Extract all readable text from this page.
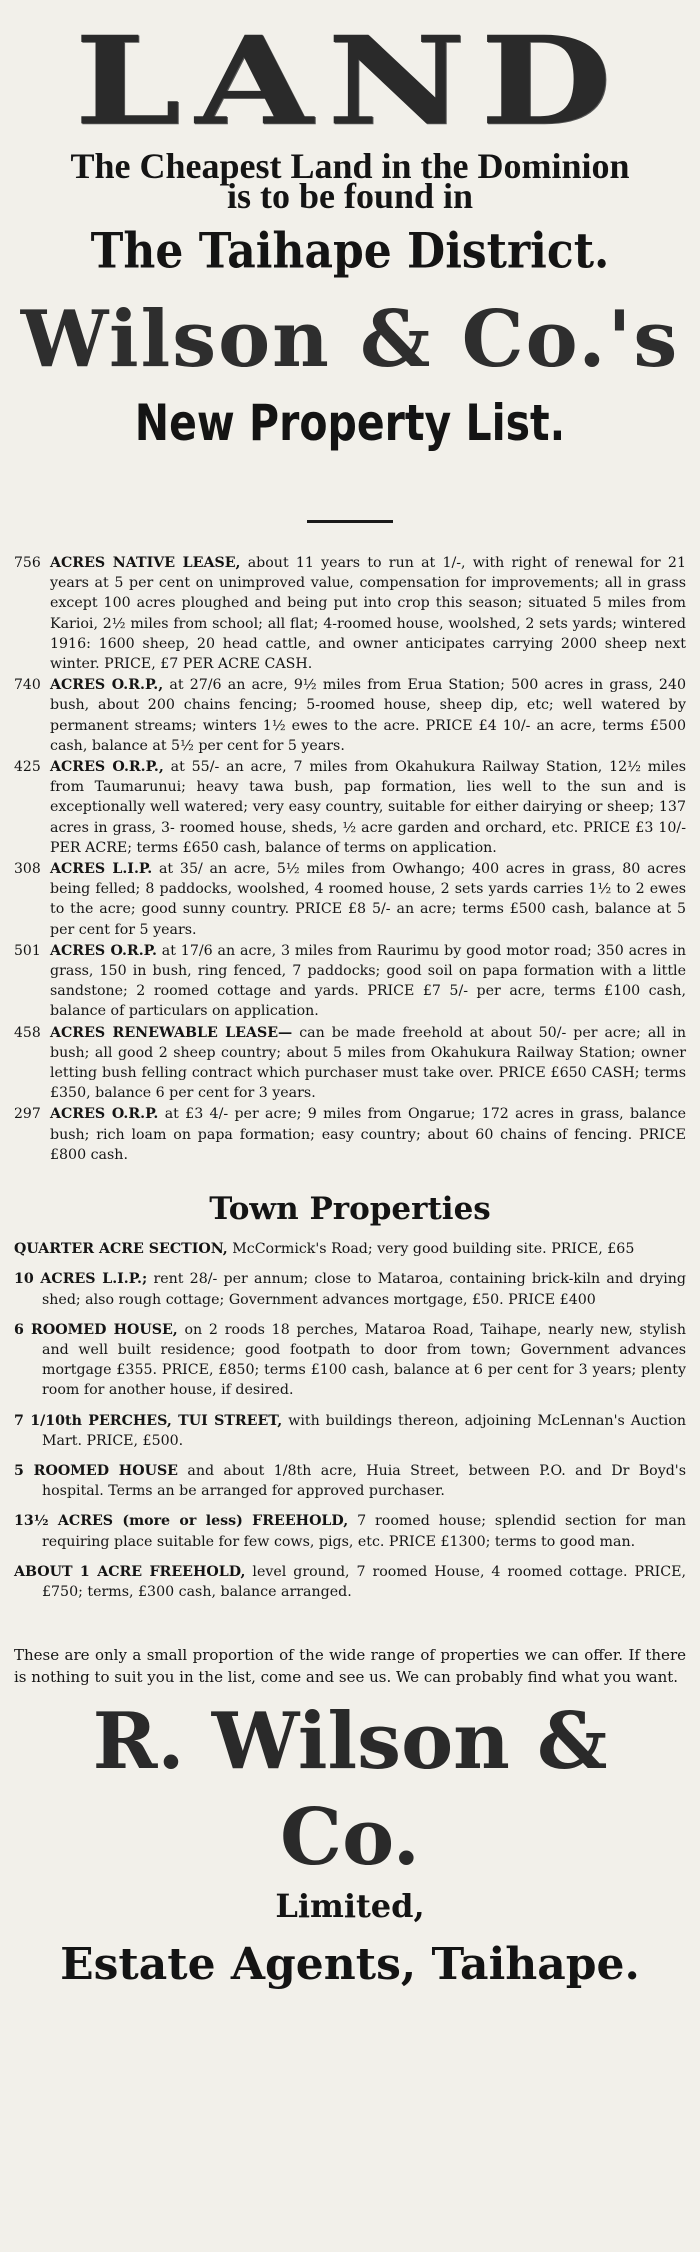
LAND
The Cheapest Land in the Dominion
is to be found in
The Taihape District.
Wilson & Co.'s
New Property List.
756 ACRES NATIVE LEASE, about 11 years to run at 1/-, with right of renewal for 21 years at 5 per cent on unimproved value, compensation for improvements; all in grass except 100 acres ploughed and being put into crop this season; situated 5 miles from Karioi, 2½ miles from school; all flat; 4-roomed house, woolshed, 2 sets yards; wintered 1916: 1600 sheep, 20 head cattle, and owner anticipates carrying 2000 sheep next winter. PRICE, £7 PER ACRE CASH.
740 ACRES O.R.P., at 27/6 an acre, 9½ miles from Erua Station; 500 acres in grass, 240 bush, about 200 chains fencing; 5-roomed house, sheep dip, etc; well watered by permanent streams; winters 1½ ewes to the acre. PRICE £4 10/- an acre, terms £500 cash, balance at 5½ per cent for 5 years.
425 ACRES O.R.P., at 55/- an acre, 7 miles from Okahukura Railway Station, 12½ miles from Taumarunui; heavy tawa bush, pap formation, lies well to the sun and is exceptionally well watered; very easy country, suitable for either dairying or sheep; 137 acres in grass, 3- roomed house, sheds, ½ acre garden and orchard, etc. PRICE £3 10/- PER ACRE; terms £650 cash, balance of terms on application.
308 ACRES L.I.P. at 35/ an acre, 5½ miles from Owhango; 400 acres in grass, 80 acres being felled; 8 paddocks, woolshed, 4 roomed house, 2 sets yards carries 1½ to 2 ewes to the acre; good sunny country. PRICE £8 5/- an acre; terms £500 cash, balance at 5 per cent for 5 years.
501 ACRES O.R.P. at 17/6 an acre, 3 miles from Raurimu by good motor road; 350 acres in grass, 150 in bush, ring fenced, 7 paddocks; good soil on papa formation with a little sandstone; 2 roomed cottage and yards. PRICE £7 5/- per acre, terms £100 cash, balance of particulars on application.
458 ACRES RENEWABLE LEASE— can be made freehold at about 50/- per acre; all in bush; all good 2 sheep country; about 5 miles from Okahukura Railway Station; owner letting bush felling contract which purchaser must take over. PRICE £650 CASH; terms £350, balance 6 per cent for 3 years.
297 ACRES O.R.P. at £3 4/- per acre; 9 miles from Ongarue; 172 acres in grass, balance bush; rich loam on papa formation; easy country; about 60 chains of fencing. PRICE £800 cash.
Town Properties
QUARTER ACRE SECTION, McCormick's Road; very good building site. PRICE, £65
10 ACRES L.I.P.; rent 28/- per annum; close to Mataroa, containing brick-kiln and drying shed; also rough cottage; Government advances mortgage, £50. PRICE £400
6 ROOMED HOUSE, on 2 roods 18 perches, Mataroa Road, Taihape, nearly new, stylish and well built residence; good footpath to door from town; Government advances mortgage £355. PRICE, £850; terms £100 cash, balance at 6 per cent for 3 years; plenty room for another house, if desired.
7 1/10th PERCHES, TUI STREET, with buildings thereon, adjoining McLennan's Auction Mart. PRICE, £500.
5 ROOMED HOUSE and about 1/8th acre, Huia Street, between P.O. and Dr Boyd's hospital. Terms an be arranged for approved purchaser.
13½ ACRES (more or less) FREEHOLD, 7 roomed house; splendid section for man requiring place suitable for few cows, pigs, etc. PRICE £1300; terms to good man.
ABOUT 1 ACRE FREEHOLD, level ground, 7 roomed House, 4 roomed cottage. PRICE, £750; terms, £300 cash, balance arranged.
These are only a small proportion of the wide range of properties we can offer. If there is nothing to suit you in the list, come and see us. We can probably find what you want.
R. Wilson & Co.
Limited,
Estate Agents, Taihape.
